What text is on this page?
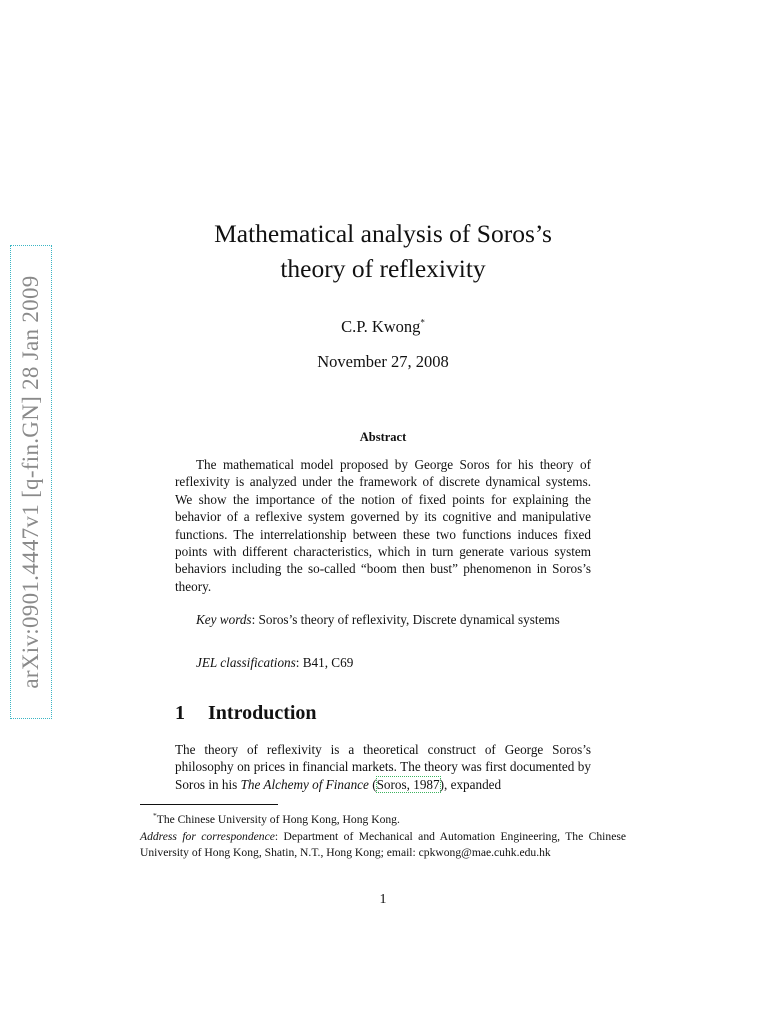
arXiv:0901.4447v1 [q-fin.GN] 28 Jan 2009
Mathematical analysis of Soros’s
theory of reflexivity
C.P. Kwong*
November 27, 2008
Abstract

The mathematical model proposed by George Soros for his theory of reflexivity is analyzed under the framework of discrete dynamical systems. We show the importance of the notion of fixed points for explaining the behavior of a reflexive system governed by its cognitive and manipulative functions. The interrelationship between these two functions induces fixed points with different characteristics, which in turn generate various system behaviors including the so-called “boom then bust” phenomenon in Soros’s theory.

Key words: Soros’s theory of reflexivity, Discrete dynamical systems
JEL classifications: B41, C69
1 Introduction

The theory of reflexivity is a theoretical construct of George Soros’s philosophy on prices in financial markets. The theory was first documented by Soros in his The Alchemy of Finance (Soros, 1987), expanded

*The Chinese University of Hong Kong, Hong Kong.

Address for correspondence: Department of Mechanical and Automation Engineering, The Chinese University of Hong Kong, Shatin, N.T., Hong Kong; email: cpkwong@mae.cuhk.edu.hk

1
